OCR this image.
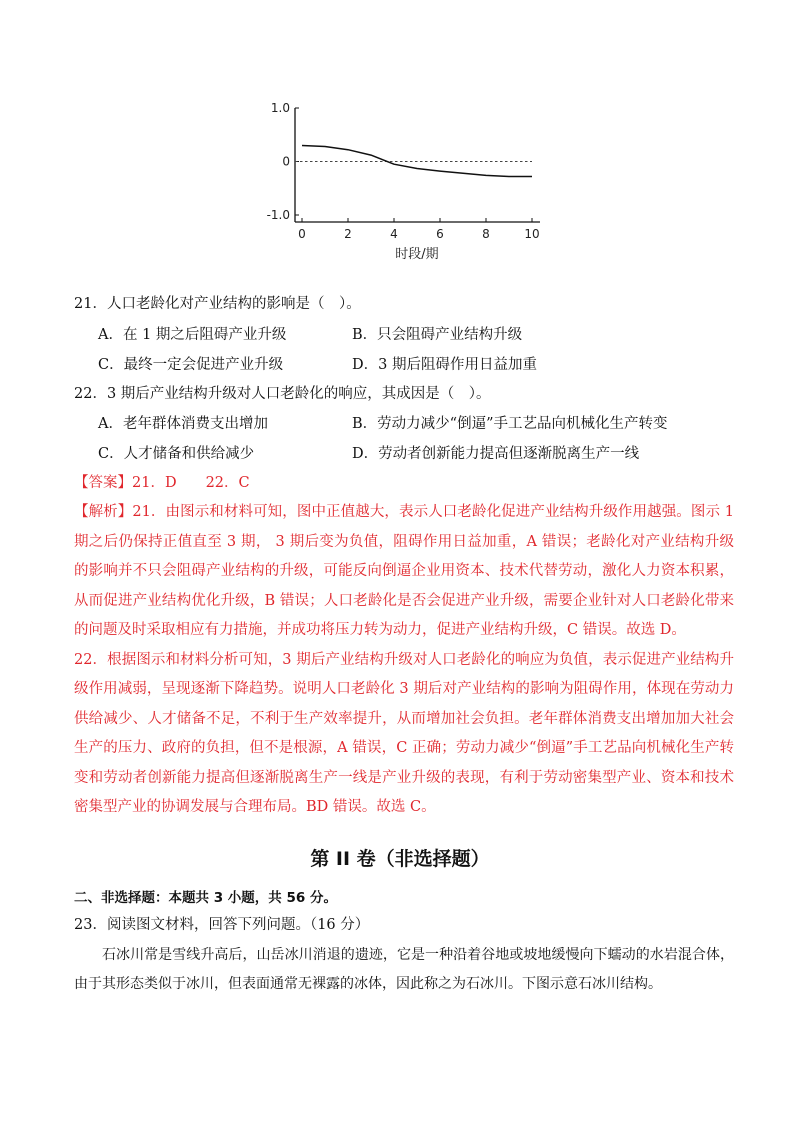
1.0
0
-1.0
0	2	4	6	8	10
时段/期
21．人口老龄化对产业结构的影响是（　）。
A．在 1 期之后阻碍产业升级	B．只会阻碍产业结构升级
C．最终一定会促进产业升级	D．3 期后阻碍作用日益加重
22．3 期后产业结构升级对人口老龄化的响应，其成因是（　）。
A．老年群体消费支出增加	B．劳动力减少“倒逼”手工艺品向机械化生产转变
C．人才储备和供给减少	D．劳动者创新能力提高但逐渐脱离生产一线
【答案】21．D　　22．C

【解析】21．由图示和材料可知，图中正值越大，表示人口老龄化促进产业结构升级作用越强。图示 1 期之后仍保持正值直至 3 期， 3 期后变为负值，阻碍作用日益加重，A 错误；老龄化对产业结构升级的影响并不只会阻碍产业结构的升级，可能反向倒逼企业用资本、技术代替劳动，激化人力资本积累，从而促进产业结构优化升级，B 错误；人口老龄化是否会促进产业升级，需要企业针对人口老龄化带来的问题及时采取相应有力措施，并成功将压力转为动力，促进产业结构升级，C 错误。故选 D。

22．根据图示和材料分析可知，3 期后产业结构升级对人口老龄化的响应为负值，表示促进产业结构升级作用减弱，呈现逐渐下降趋势。说明人口老龄化 3 期后对产业结构的影响为阻碍作用，体现在劳动力供给减少、人才储备不足，不利于生产效率提升，从而增加社会负担。老年群体消费支出增加加大社会生产的压力、政府的负担，但不是根源，A 错误，C 正确；劳动力减少“倒逼”手工艺品向机械化生产转变和劳动者创新能力提高但逐渐脱离生产一线是产业升级的表现，有利于劳动密集型产业、资本和技术密集型产业的协调发展与合理布局。BD 错误。故选 C。

第 II 卷（非选择题）
二、非选择题：本题共 3 小题，共 56 分。
23．阅读图文材料，回答下列问题。（16 分）

石冰川常是雪线升高后，山岳冰川消退的遗迹，它是一种沿着谷地或坡地缓慢向下蠕动的水岩混合体，由于其形态类似于冰川，但表面通常无裸露的冰体，因此称之为石冰川。下图示意石冰川结构。
